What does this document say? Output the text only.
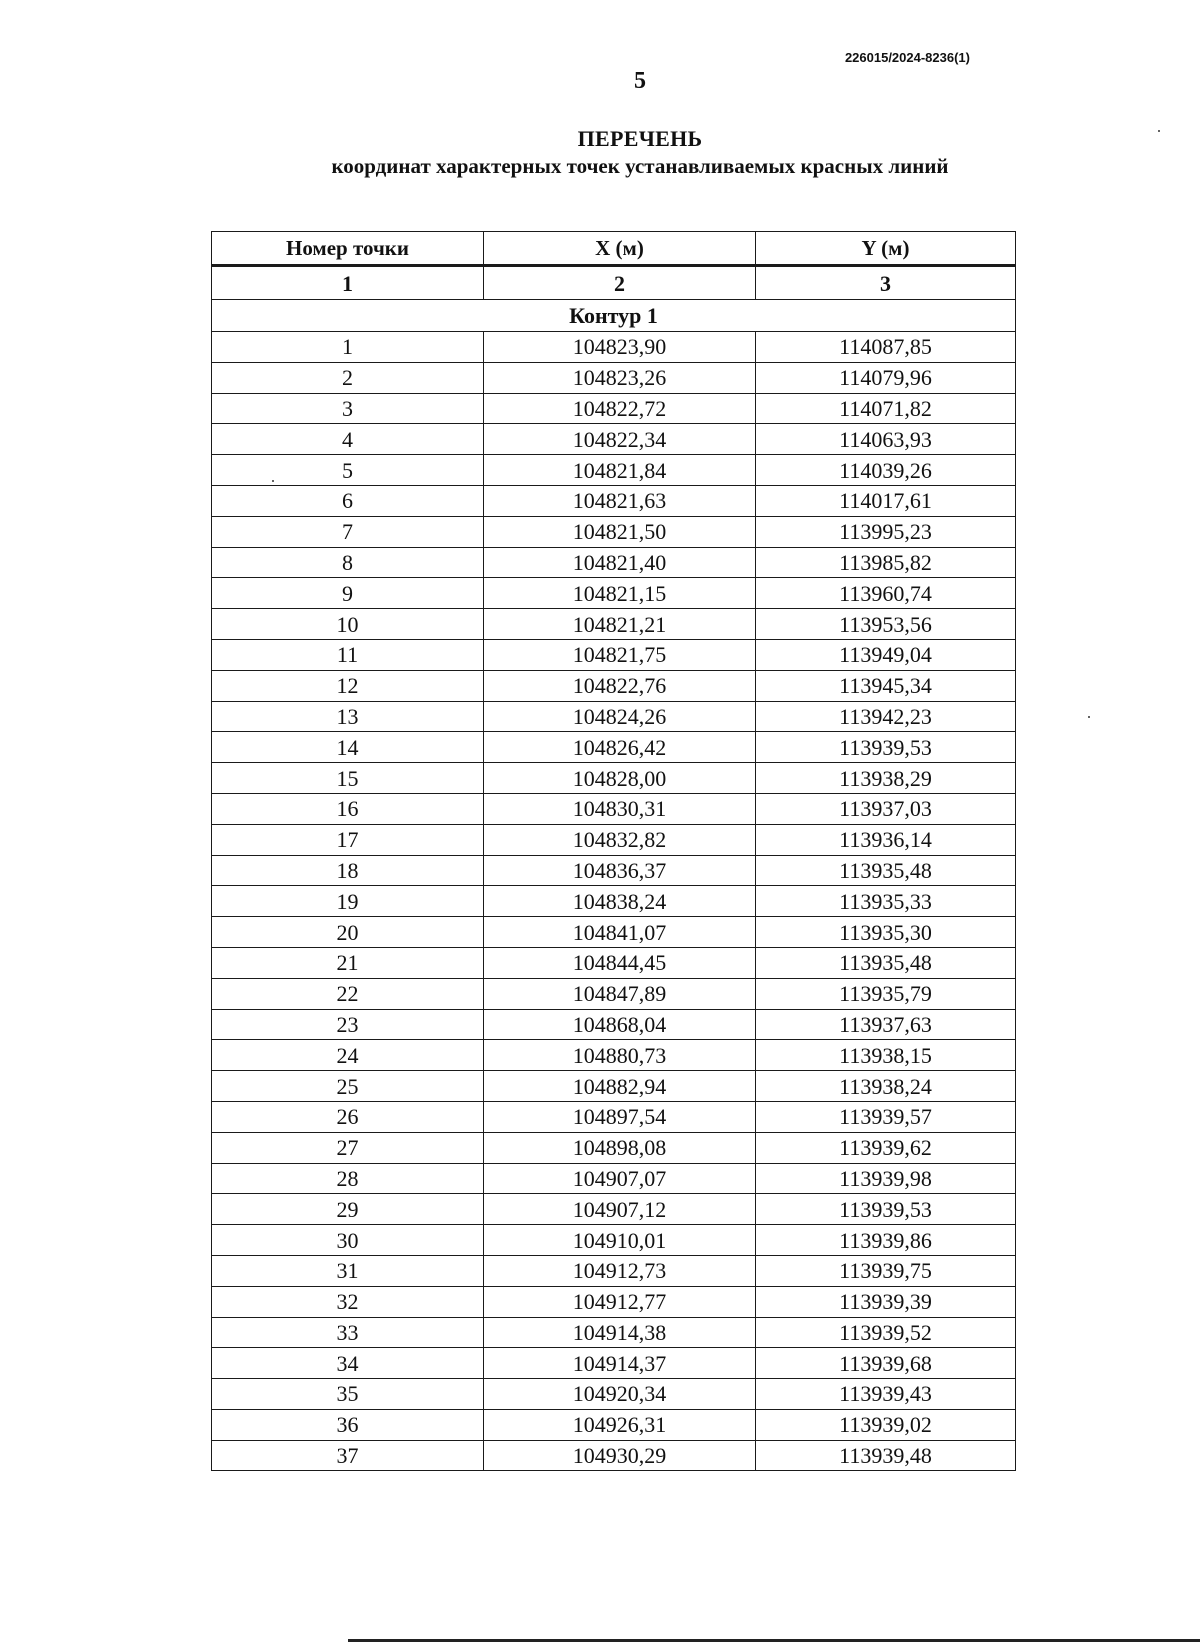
226015/2024-8236(1)
5
ПЕРЕЧЕНЬ
координат характерных точек устанавливаемых красных линий
Номер точки	X (м)	Y (м)
1	2	3
Контур 1		
1	104823,90	114087,85
2	104823,26	114079,96
3	104822,72	114071,82
4	104822,34	114063,93
5	104821,84	114039,26
6	104821,63	114017,61
7	104821,50	113995,23
8	104821,40	113985,82
9	104821,15	113960,74
10	104821,21	113953,56
11	104821,75	113949,04
12	104822,76	113945,34
13	104824,26	113942,23
14	104826,42	113939,53
15	104828,00	113938,29
16	104830,31	113937,03
17	104832,82	113936,14
18	104836,37	113935,48
19	104838,24	113935,33
20	104841,07	113935,30
21	104844,45	113935,48
22	104847,89	113935,79
23	104868,04	113937,63
24	104880,73	113938,15
25	104882,94	113938,24
26	104897,54	113939,57
27	104898,08	113939,62
28	104907,07	113939,98
29	104907,12	113939,53
30	104910,01	113939,86
31	104912,73	113939,75
32	104912,77	113939,39
33	104914,38	113939,52
34	104914,37	113939,68
35	104920,34	113939,43
36	104926,31	113939,02
37	104930,29	113939,48
